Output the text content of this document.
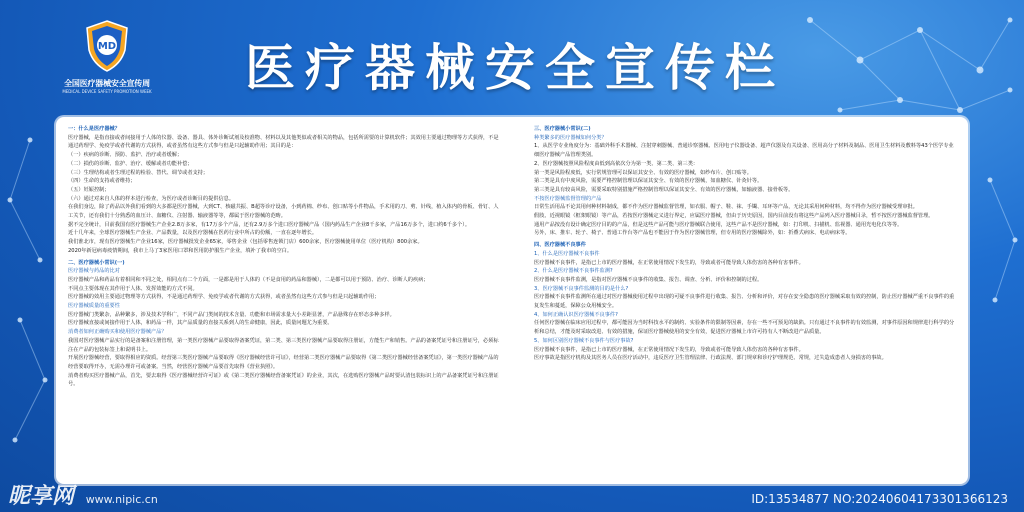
MD
全国医疗器械安全宣传周
MEDICAL DEVICE SAFETY PROMOTION WEEK	医疗器械安全宣传栏

一：什么是医疗器械？

医疗器械，是指直接或者间接用于人体的仪器、设备、器具、体外诊断试剂及校准物、材料以及其他类似或者相关的物品，包括所需要的计算机软件；其效用主要通过物理等方式获得，不是通过药理学、免疫学或者代谢的方式获得，或者虽然有这些方式参与但是只起辅助作用；其目的是：

（一）疾病的诊断、预防、监护、治疗或者缓解；

（二）损伤的诊断、监护、治疗、缓解或者功能补偿；

（三）生理结构或者生理过程的检验、替代、调节或者支持；

（四）生命的支持或者维持；

（五）妊娠控制；

（六）通过对来自人体的样本进行检查，为医疗或者诊断目的提供信息。

在我们身边，除了药品以外我们看到的大多都是医疗器械，大到CT、核磁共振、B超等诊疗设备，小到药棉、纱布、创口贴等小件物品，手术用的刀、剪、针线，植入体内的骨板、骨钉、人工关节，还有我们十分熟悉的血压计、血糖仪、注射器、输液器等等，都属于医疗器械的范畴。

据不完全统计，目前我国有医疗器械生产企业2.8万多家，有17万多个产品，还有2.9万多个进口医疗器械产品（国内药品生产企业8千多家，产品16万多个，进口约6千多个）。

近十几年来，全球医疗器械生产企业、产品数量，以及医疗器械在医药行业中所占的份额，一直在逐年增长。

我们淮北市，现有医疗器械生产企业16家，医疗器械批发企业65家，零售企业（包括零售连锁门店）600余家，医疗器械使用单位（医疗机构）800余家。

2020年新冠病毒疫情期间，我市上马了3家医用口罩和医用防护服生产企业，填补了我市的空白。

二、医疗器械小常识(一)

医疗器械与药品的比对

医疗器械产品和药品有着相同和不同之处，相同点有二个方面，一是都是用于人体的（不是食用的药品和器械），二是都可以用于预防、治疗、诊断人的疾病；

不同点主要体现在其作用于人体、发挥效能的方式不同。

医疗器械的效用主要通过物理等方式获得，不是通过药理学、免疫学或者代谢的方式获得，或者虽然有这些方式参与但是只起辅助作用；

医疗器械质量的重要性

医疗器械门类繁杂，品种繁多，涉及技术学科广，不同产品门类间的技术含量、功能和市场需求量大小差距显著，产品悬殊存在形态多种多样。

医疗器械直接或间接作用于人体，和药品一样，其产品质量的直接关系到人的生命健康，因此，质量问题尤为重要。

消费者如何正确购买和使用医疗器械产品？

我国对医疗器械产品实行的是备案和注册管理，第一类医疗器械产品要取得备案凭证，第二类、第三类医疗器械产品要取得注册证，方能生产和销售。产品的备案凭证号和注册证号，必须标注在产品的包装标签上和说明书上。

开展医疗器械经营，要取得相应的资质。经营第三类医疗器械产品要取得《医疗器械经营许可证》，经营第二类医疗器械产品要取得《第二类医疗器械经营备案凭证》，第一类医疗器械产品的经营要取得开办，无需办理许可或备案。当然，经营医疗器械产品要首先取得《营业执照》。

消费者购买医疗器械产品，首先，要去取得《医疗器械经营许可证》或《第二类医疗器械经营备案凭证》的企业，其次，在选购医疗器械产品时要认清包装标识上的产品备案凭证号和注册证号。

三、医疗器械小常识(二)

种类繁多的医疗器械如何分类？

1、从医学专业角度分为：基础外科手术器械、注射穿刺器械、普通诊察器械、医用电子仪器设备、超声仪器及有关设备、医用高分子材料及制品、医用卫生材料及敷料等43个医学专业细医疗器械产品管理类别。

2、医疗器械按照风险程度由低到高依次分为第一类、第二类、第三类：

第一类是风险程度低，实行常规管理可以保证其安全、有效的医疗器械，如纱布片、创口贴等。

第二类是具有中度风险，需要严格控制管理以保证其安全、有效的医疗器械，如血糖仪、针灸针等。

第三类是具有较高风险，需要采取特别措施严格控制管理以保证其安全、有效的医疗器械，如输液器、接骨板等。

不按医疗器械监督管理的产品

日常生活用品不论其用何种材料制成，都不作为医疗器械监督管理，如衣服、帽子、鞋、袜、手镯、耳环等产品，无论其采用何种材料，均不得作为医疗器械受理审批。

假肢、近视眼镜（框架眼镜）等产品，若按医疗器械定义进行界定，应属医疗器械，但由于历史原因，国内目前没有将这些产品列入医疗器械目录，暂不按医疗器械监督管理。

通用产品按没有设计确定医疗目的的产品，但是这些产品可能与医疗器械联合使用，这些产品不是医疗器械，如：打印机、扫描机、监视器、通用光电化仪等等。

另外，床、推车、轮子、椅子、普通工作台等产品也不能因于作为医疗器械管理，但专用的医疗器械除外，如：折叠式病床、电动病床等。

四、医疗器械不良事件

1、什么是医疗器械不良事件

医疗器械不良事件，是指已上市的医疗器械，在正常使用情况下发生的，导致或者可能导致人体伤害的各种有害事件。

2、什么是医疗器械不良事件监测?

医疗器械不良事件监测，是指对医疗器械不良事件的收集、报告、调查、分析、评价和控制的过程。

3、医疗器械不良事件监测的目的是什么?

医疗器械不良事件监测所在通过对医疗器械使用过程中出现的可疑不良事件进行收集、报告、分析和评价，对存在安全隐患的医疗器械采取有效的控制，防止医疗器械严重不良事件的重复发生和蔓延，保障公众用械安全。

4、如何正确认识医疗器械不良事件?

任何医疗器械在临床应用过程中，都可能因为当时科技水平的制约、实验条件的限制等因素，存在一些不可预见的缺陷。只有通过不良事件的有效监测，对事件原因和规律进行科学的分析和总结，才能及时采取改进、有效的措施，保证医疗器械使用的安全有效，促进医疗器械上市许可持有人不断改进产品质量。

5、如何区别医疗器械不良事件与医疗事故?

医疗器械不良事件，是指已上市的医疗器械，在正常使用情况下发生的，导致或者可能导致人体伤害的各种有害事件。

医疗事故是指医疗机构及其医务人员在医疗活动中，违反医疗卫生管理法律、行政法规、部门规章和诊疗护理规范、常规，过失造成患者人身损害的事故。

昵享网 www.nipic.cn	ID:13534877 NO:20240604173301366123
